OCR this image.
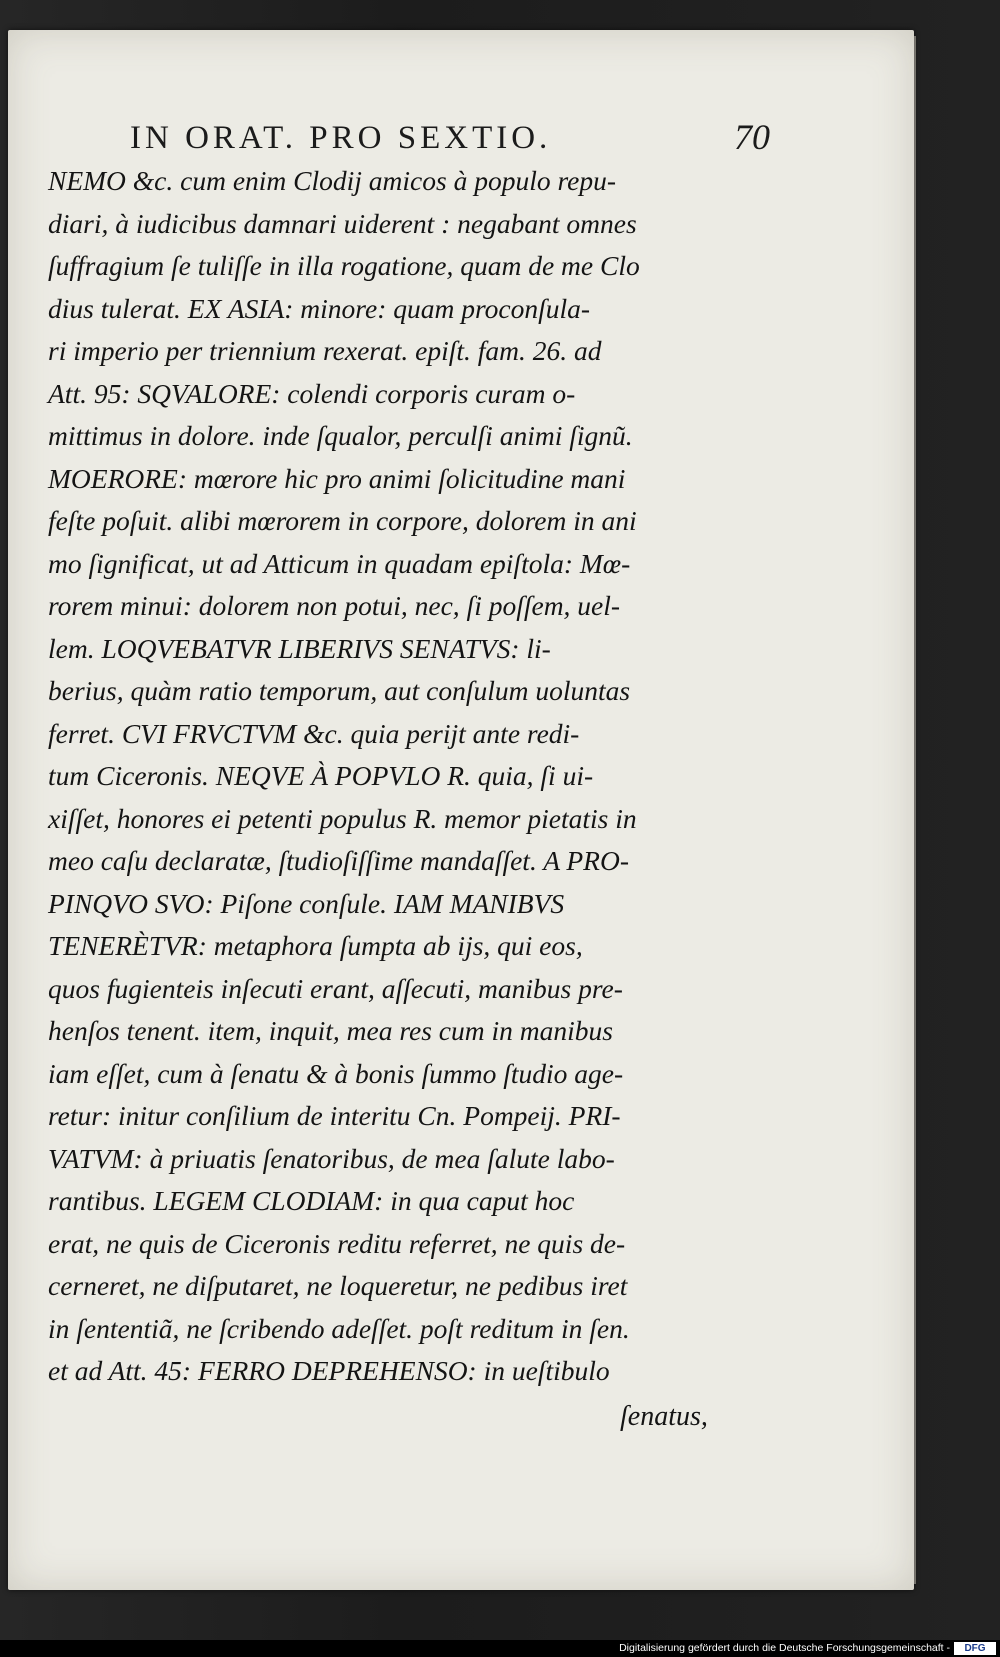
IN ORAT. PRO SEXTIO.	70
NEMO &c. cum enim Clodij amicos à populo repu-
diari, à iudicibus damnari uiderent : negabant omnes
ſuffragium ſe tuliſſe in illa rogatione, quam de me Clo
dius tulerat. EX ASIA: minore: quam proconſula-
ri imperio per triennium rexerat. epiſt. fam. 26. ad
Att. 95: SQVALORE: colendi corporis curam o-
mittimus in dolore. inde ſqualor, perculſi animi ſignũ.
MOERORE: mœrore hic pro animi ſolicitudine mani
feſte poſuit. alibi mœrorem in corpore, dolorem in ani
mo ſignificat, ut ad Atticum in quadam epiſtola: Mœ-
rorem minui: dolorem non potui, nec, ſi poſſem, uel-
lem. LOQVEBATVR LIBERIVS SENATVS: li-
berius, quàm ratio temporum, aut conſulum uoluntas
ferret. CVI FRVCTVM &c. quia perijt ante redi-
tum Ciceronis. NEQVE À POPVLO R. quia, ſi ui-
xiſſet, honores ei petenti populus R. memor pietatis in
meo caſu declaratæ, ſtudioſiſſime mandaſſet. A PRO-
PINQVO SVO: Piſone conſule. IAM MANIBVS
TENERÈTVR: metaphora ſumpta ab ijs, qui eos,
quos fugienteis inſecuti erant, aſſecuti, manibus pre-
henſos tenent. item, inquit, mea res cum in manibus
iam eſſet, cum à ſenatu & à bonis ſummo ſtudio age-
retur: initur conſilium de interitu Cn. Pompeij. PRI-
VATVM: à priuatis ſenatoribus, de mea ſalute labo-
rantibus. LEGEM CLODIAM: in qua caput hoc
erat, ne quis de Ciceronis reditu referret, ne quis de-
cerneret, ne diſputaret, ne loqueretur, ne pedibus iret
in ſententiã, ne ſcribendo adeſſet. poſt reditum in ſen.
et ad Att. 45: FERRO DEPREHENSO: in ueſtibulo
ſenatus,
Digitalisierung gefördert durch die Deutsche Forschungsgemeinschaft -	DFG
